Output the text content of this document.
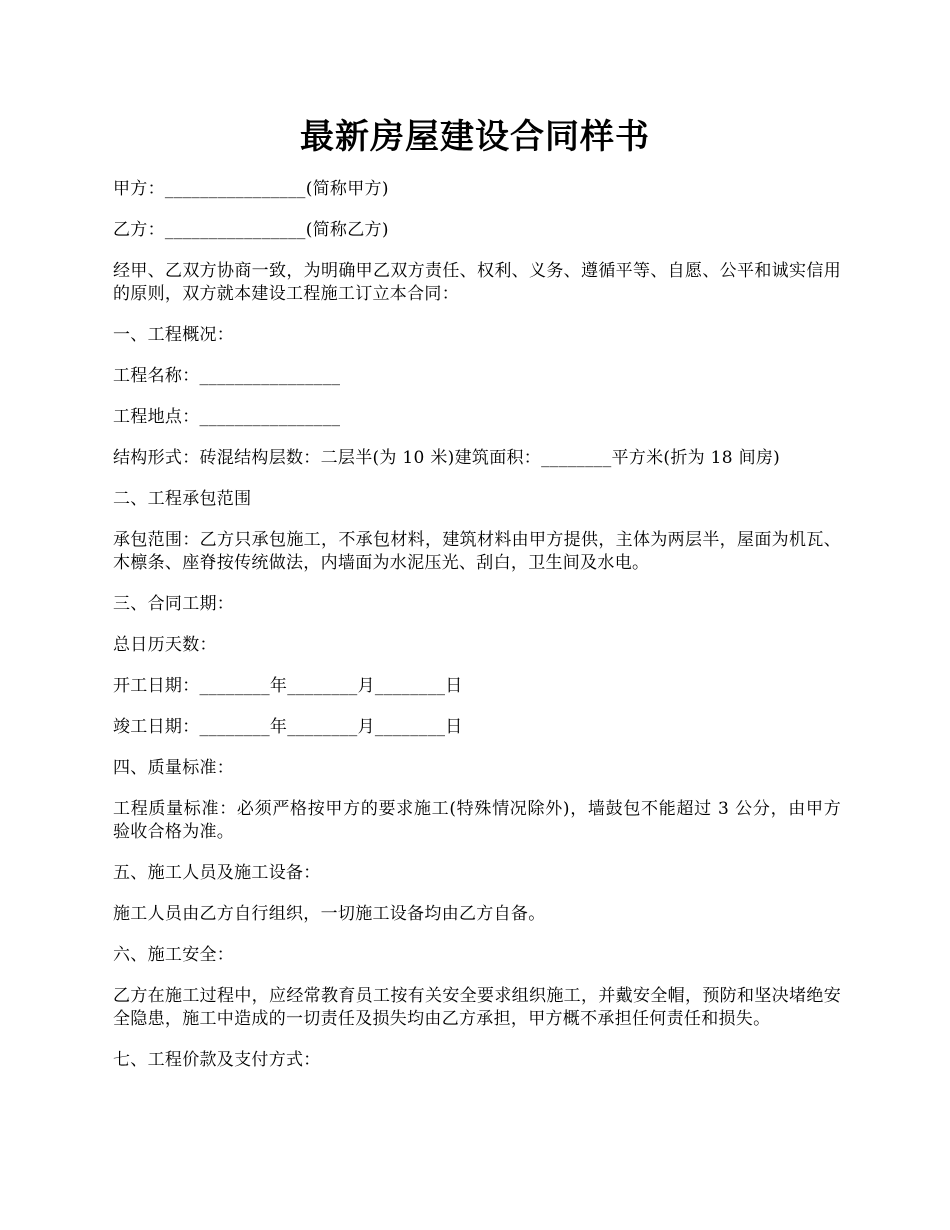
最新房屋建设合同样书

甲方：________________(简称甲方)

乙方：________________(简称乙方)

经甲、乙双方协商一致，为明确甲乙双方责任、权利、义务、遵循平等、自愿、公平和诚实信用的原则，双方就本建设工程施工订立本合同：

一、工程概况：

工程名称：________________

工程地点：________________

结构形式：砖混结构层数：二层半(为 10 米)建筑面积：________平方米(折为 18 间房)

二、工程承包范围

承包范围：乙方只承包施工，不承包材料，建筑材料由甲方提供，主体为两层半，屋面为机瓦、木檩条、座脊按传统做法，内墙面为水泥压光、刮白，卫生间及水电。

三、合同工期：

总日历天数：

开工日期：________年________月________日

竣工日期：________年________月________日

四、质量标准：

工程质量标准：必须严格按甲方的要求施工(特殊情况除外)，墙鼓包不能超过 3 公分，由甲方验收合格为准。

五、施工人员及施工设备：

施工人员由乙方自行组织，一切施工设备均由乙方自备。

六、施工安全：

乙方在施工过程中，应经常教育员工按有关安全要求组织施工，并戴安全帽，预防和坚决堵绝安全隐患，施工中造成的一切责任及损失均由乙方承担，甲方概不承担任何责任和损失。

七、工程价款及支付方式：
